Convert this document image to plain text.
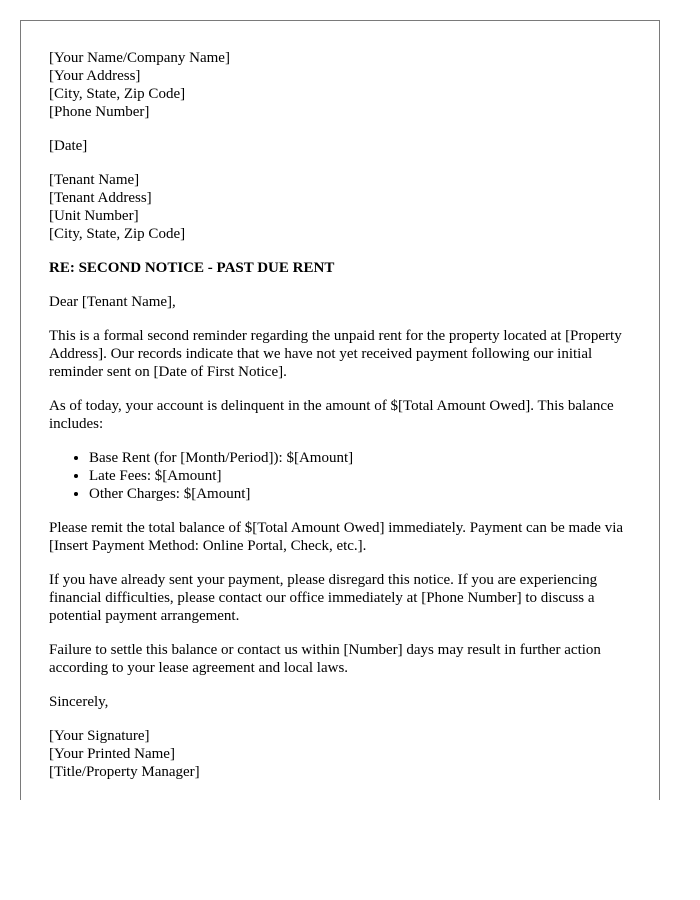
[Your Name/Company Name]
[Your Address]
[City, State, Zip Code]
[Phone Number]
[Date]
[Tenant Name]
[Tenant Address]
[Unit Number]
[City, State, Zip Code]

RE: SECOND NOTICE - PAST DUE RENT

Dear [Tenant Name],

This is a formal second reminder regarding the unpaid rent for the property located at [Property Address]. Our records indicate that we have not yet received payment following our initial reminder sent on [Date of First Notice].

As of today, your account is delinquent in the amount of $[Total Amount Owed]. This balance includes:

• Base Rent (for [Month/Period]): $[Amount]
• Late Fees: $[Amount]
• Other Charges: $[Amount]

Please remit the total balance of $[Total Amount Owed] immediately. Payment can be made via [Insert Payment Method: Online Portal, Check, etc.].

If you have already sent your payment, please disregard this notice. If you are experiencing financial difficulties, please contact our office immediately at [Phone Number] to discuss a potential payment arrangement.

Failure to settle this balance or contact us within [Number] days may result in further action according to your lease agreement and local laws.

Sincerely,

[Your Signature]
[Your Printed Name]
[Title/Property Manager]
